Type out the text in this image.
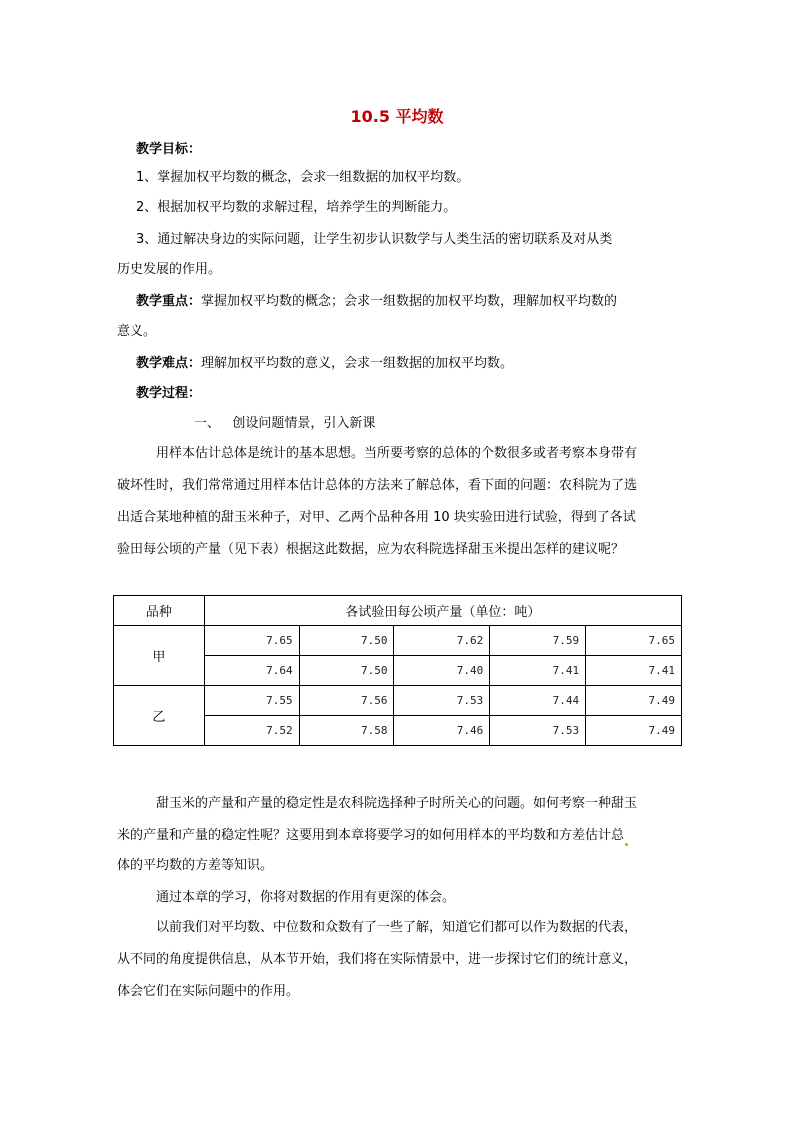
10.5 平均数
教学目标：
1、掌握加权平均数的概念，会求一组数据的加权平均数。
2、根据加权平均数的求解过程，培养学生的判断能力。
3、通过解决身边的实际问题，让学生初步认识数学与人类生活的密切联系及对从类
历史发展的作用。
教学重点：掌握加权平均数的概念；会求一组数据的加权平均数，理解加权平均数的
意义。
教学难点：理解加权平均数的意义，会求一组数据的加权平均数。
教学过程：
一、   创设问题情景，引入新课
用样本估计总体是统计的基本思想。当所要考察的总体的个数很多或者考察本身带有
破坏性时，我们常常通过用样本估计总体的方法来了解总体，看下面的问题：农科院为了选
出适合某地种植的甜玉米种子，对甲、乙两个品种各用 10 块实验田进行试验，得到了各试
验田每公顷的产量（见下表）根据这此数据，应为农科院选择甜玉米提出怎样的建议呢？
品种	各试验田每公顷产量（单位：吨）				
甲	7.65	7.50	7.62	7.59	7.65
	7.64	7.50	7.40	7.41	7.41
乙	7.55	7.56	7.53	7.44	7.49
	7.52	7.58	7.46	7.53	7.49
甜玉米的产量和产量的稳定性是农科院选择种子时所关心的问题。如何考察一种甜玉
米的产量和产量的稳定性呢？这要用到本章将要学习的如何用样本的平均数和方差估计总
体的平均数的方差等知识。
通过本章的学习，你将对数据的作用有更深的体会。
以前我们对平均数、中位数和众数有了一些了解，知道它们都可以作为数据的代表，
从不同的角度提供信息，从本节开始，我们将在实际情景中，进一步探讨它们的统计意义，
体会它们在实际问题中的作用。
